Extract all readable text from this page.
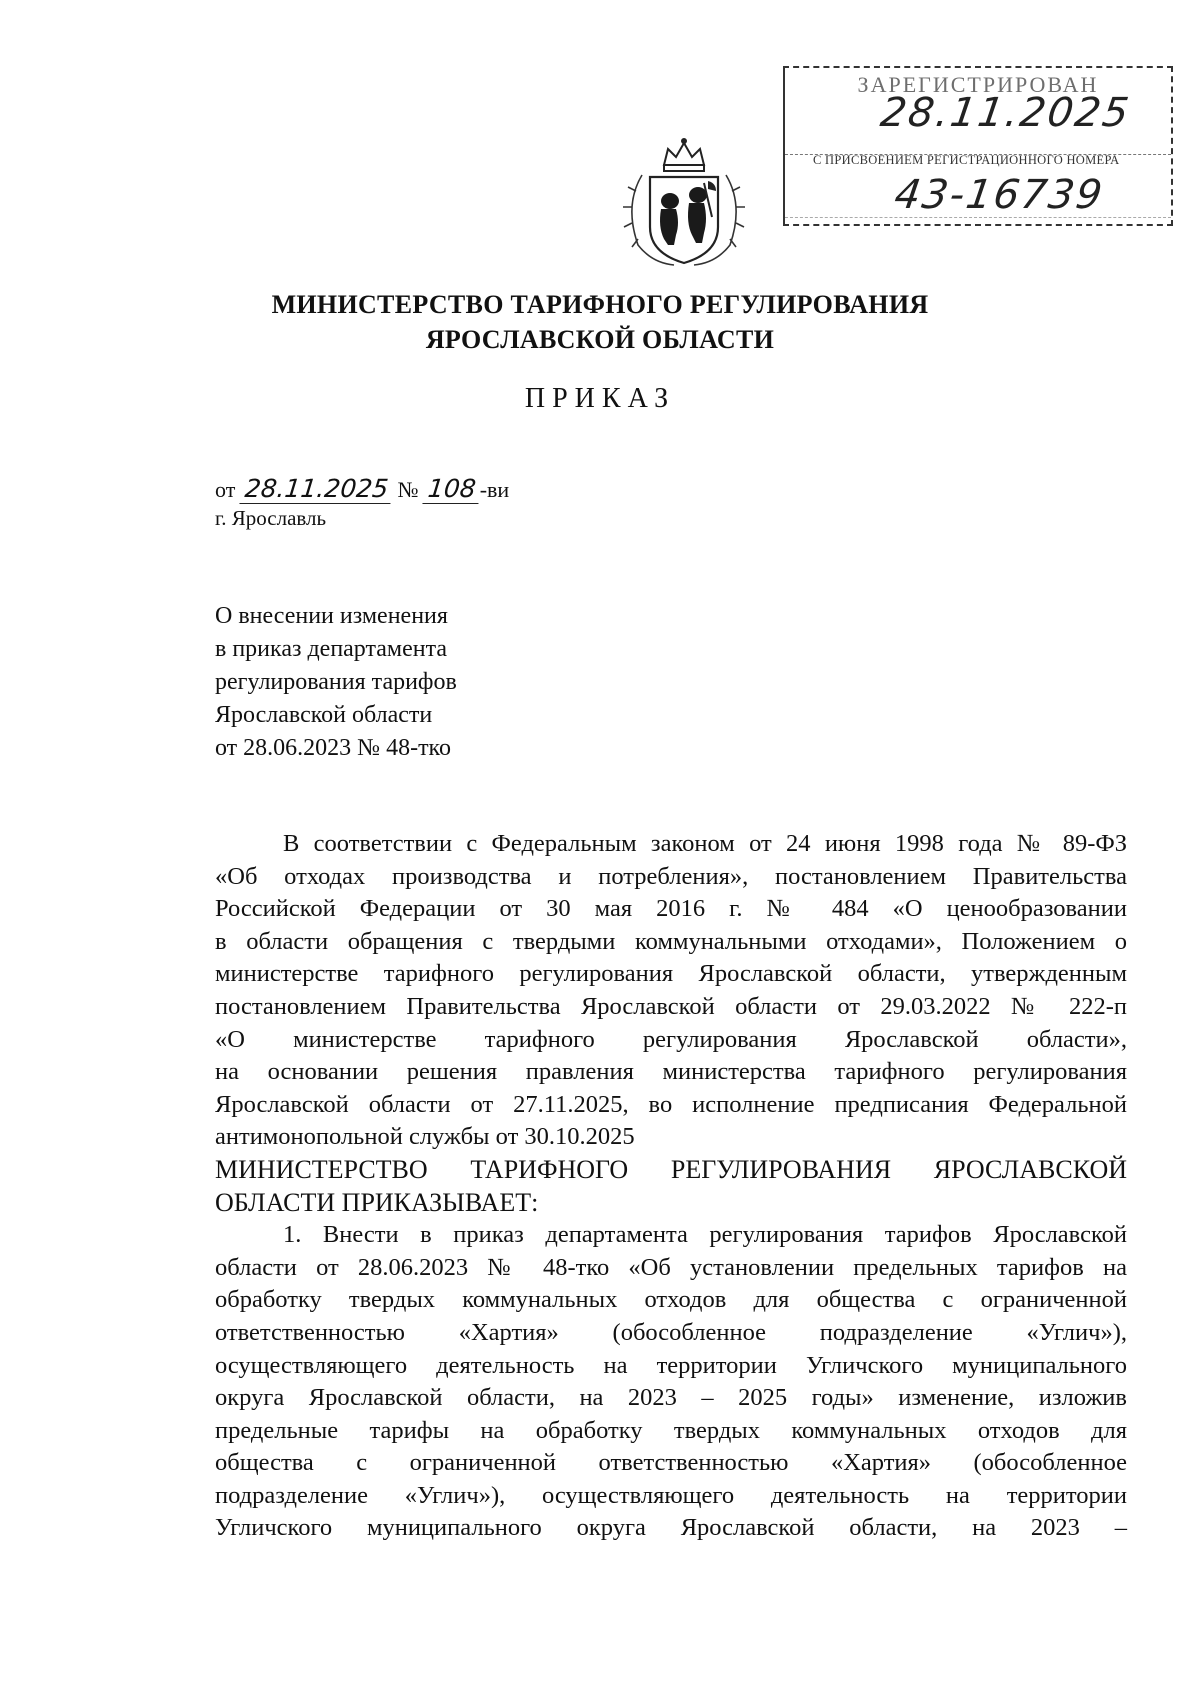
ЗАРЕГИСТРИРОВАН
28.11.2025
С ПРИСВОЕНИЕМ РЕГИСТРАЦИОННОГО НОМЕРА
43-16739
МИНИСТЕРСТВО ТАРИФНОГО РЕГУЛИРОВАНИЯ
ЯРОСЛАВСКОЙ ОБЛАСТИ
ПРИКАЗ
от 28.11.2025 № 108 -ви
г. Ярославль
О внесении изменения
в приказ департамента
регулирования тарифов
Ярославской области
от 28.06.2023 № 48-тко
В соответствии с Федеральным законом от 24 июня 1998 года № 89-ФЗ
«Об отходах производства и потребления», постановлением Правительства
Российской Федерации от 30 мая 2016 г. № 484 «О ценообразовании
в области обращения с твердыми коммунальными отходами», Положением о
министерстве тарифного регулирования Ярославской области, утвержденным
постановлением Правительства Ярославской области от 29.03.2022 № 222-п
«О министерстве тарифного регулирования Ярославской области»,
на основании решения правления министерства тарифного регулирования
Ярославской области от 27.11.2025, во исполнение предписания Федеральной
антимонопольной службы от 30.10.2025
МИНИСТЕРСТВО ТАРИФНОГО РЕГУЛИРОВАНИЯ ЯРОСЛАВСКОЙ
ОБЛАСТИ ПРИКАЗЫВАЕТ:
1. Внести в приказ департамента регулирования тарифов Ярославской
области от 28.06.2023 № 48-тко «Об установлении предельных тарифов на
обработку твердых коммунальных отходов для общества с ограниченной
ответственностью «Хартия» (обособленное подразделение «Углич»),
осуществляющего деятельность на территории Угличского муниципального
округа Ярославской области, на 2023 – 2025 годы» изменение, изложив
предельные тарифы на обработку твердых коммунальных отходов для
общества с ограниченной ответственностью «Хартия» (обособленное
подразделение «Углич»), осуществляющего деятельность на территории
Угличского муниципального округа Ярославской области, на 2023 –
